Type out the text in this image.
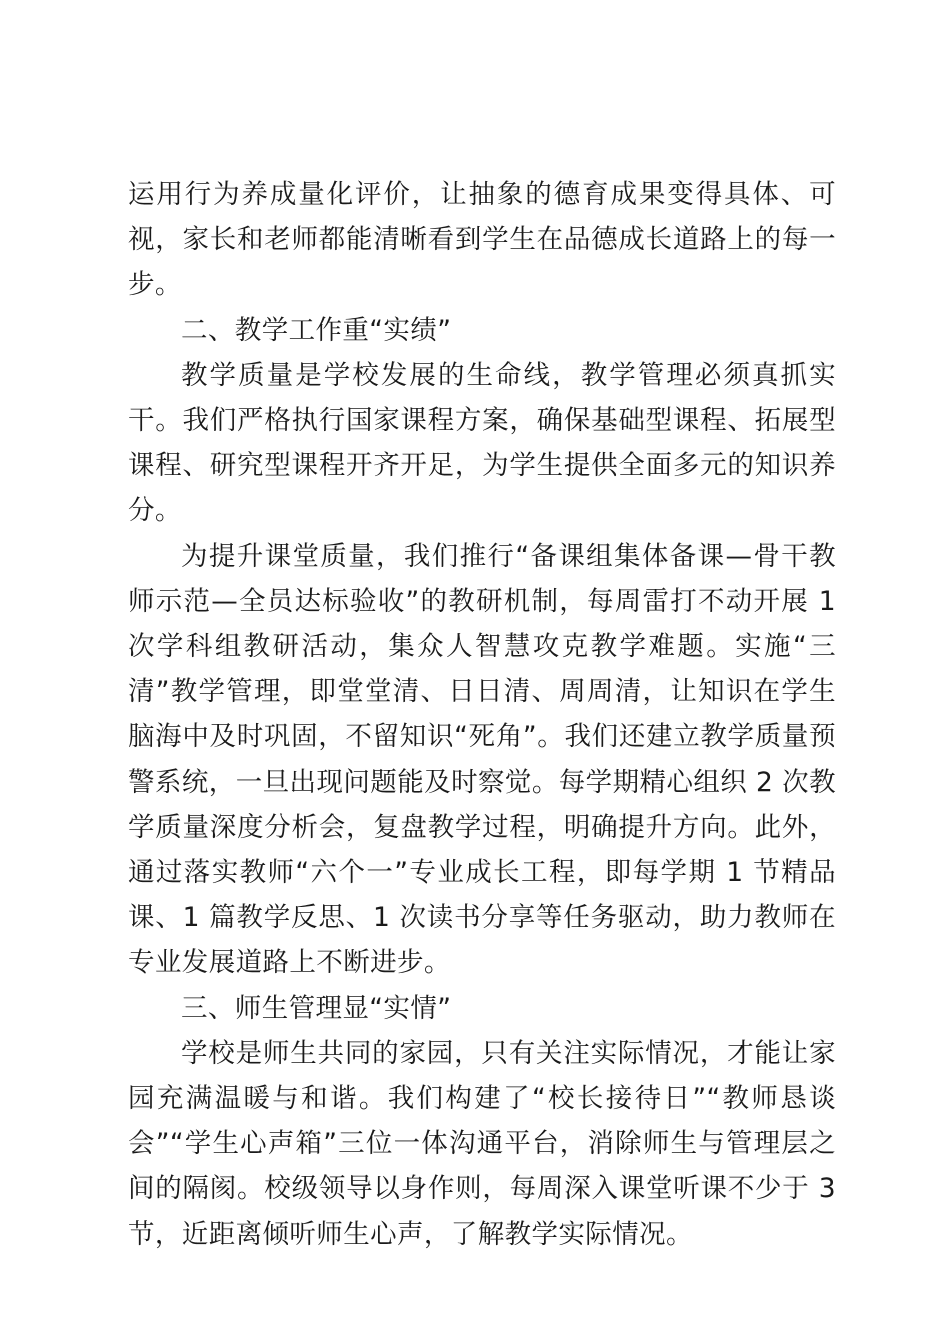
运用行为养成量化评价，让抽象的德育成果变得具体、可视，家长和老师都能清晰看到学生在品德成长道路上的每一步。

二、教学工作重“实绩”

教学质量是学校发展的生命线，教学管理必须真抓实干。我们严格执行国家课程方案，确保基础型课程、拓展型课程、研究型课程开齐开足，为学生提供全面多元的知识养分。

为提升课堂质量，我们推行“备课组集体备课—骨干教师示范—全员达标验收”的教研机制，每周雷打不动开展 1 次学科组教研活动，集众人智慧攻克教学难题。实施“三清”教学管理，即堂堂清、日日清、周周清，让知识在学生脑海中及时巩固，不留知识“死角”。我们还建立教学质量预警系统，一旦出现问题能及时察觉。每学期精心组织 2 次教学质量深度分析会，复盘教学过程，明确提升方向。此外，通过落实教师“六个一”专业成长工程，即每学期 1 节精品课、1 篇教学反思、1 次读书分享等任务驱动，助力教师在专业发展道路上不断进步。

三、师生管理显“实情”

学校是师生共同的家园，只有关注实际情况，才能让家园充满温暖与和谐。我们构建了“校长接待日”“教师恳谈会”“学生心声箱”三位一体沟通平台，消除师生与管理层之间的隔阂。校级领导以身作则，每周深入课堂听课不少于 3 节，近距离倾听师生心声，了解教学实际情况。
